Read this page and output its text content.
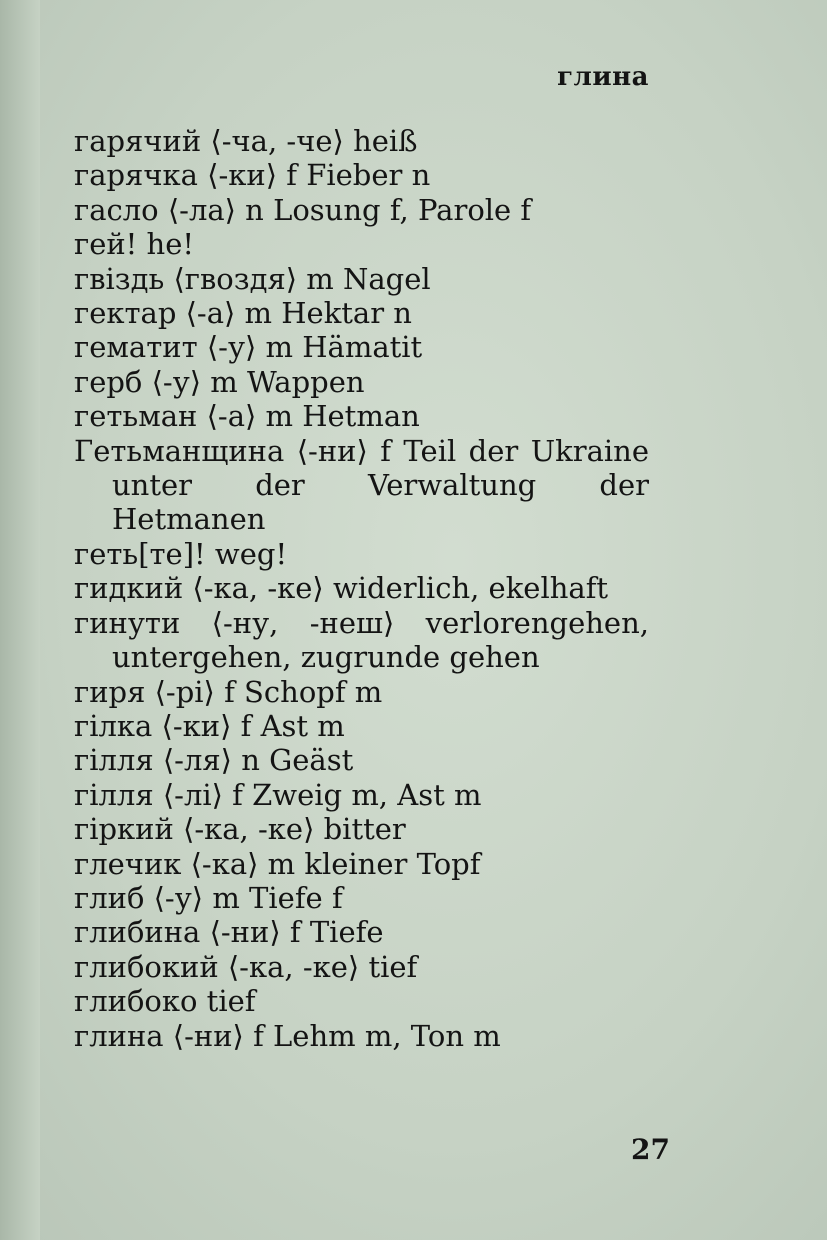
глина
гарячий ⟨-ча, -че⟩ heiß
гарячка ⟨-ки⟩ f Fieber n
гасло ⟨-ла⟩ n Losung f, Parole f
гей! he!
гвіздь ⟨гвоздя⟩ m Nagel
гектар ⟨-а⟩ m Hektar n
гематит ⟨-у⟩ m Hämatit
герб ⟨-у⟩ m Wappen
гетьман ⟨-а⟩ m Hetman
Гетьманщина ⟨-ни⟩ f Teil der Ukraine unter der Verwaltung der Hetmanen
геть[те]! weg!
гидкий ⟨-ка, -ке⟩ widerlich, ekelhaft
гинути ⟨-ну, -неш⟩ verlorengehen, untergehen, zugrunde gehen
гиря ⟨-рі⟩ f Schopf m
гілка ⟨-ки⟩ f Ast m
гілля ⟨-ля⟩ n Geäst
гілля ⟨-лі⟩ f Zweig m, Ast m
гіркий ⟨-ка, -ке⟩ bitter
глечик ⟨-ка⟩ m kleiner Topf
глиб ⟨-у⟩ m Tiefe f
глибина ⟨-ни⟩ f Tiefe
глибокий ⟨-ка, -ке⟩ tief
глибоко tief
глина ⟨-ни⟩ f Lehm m, Ton m
27
